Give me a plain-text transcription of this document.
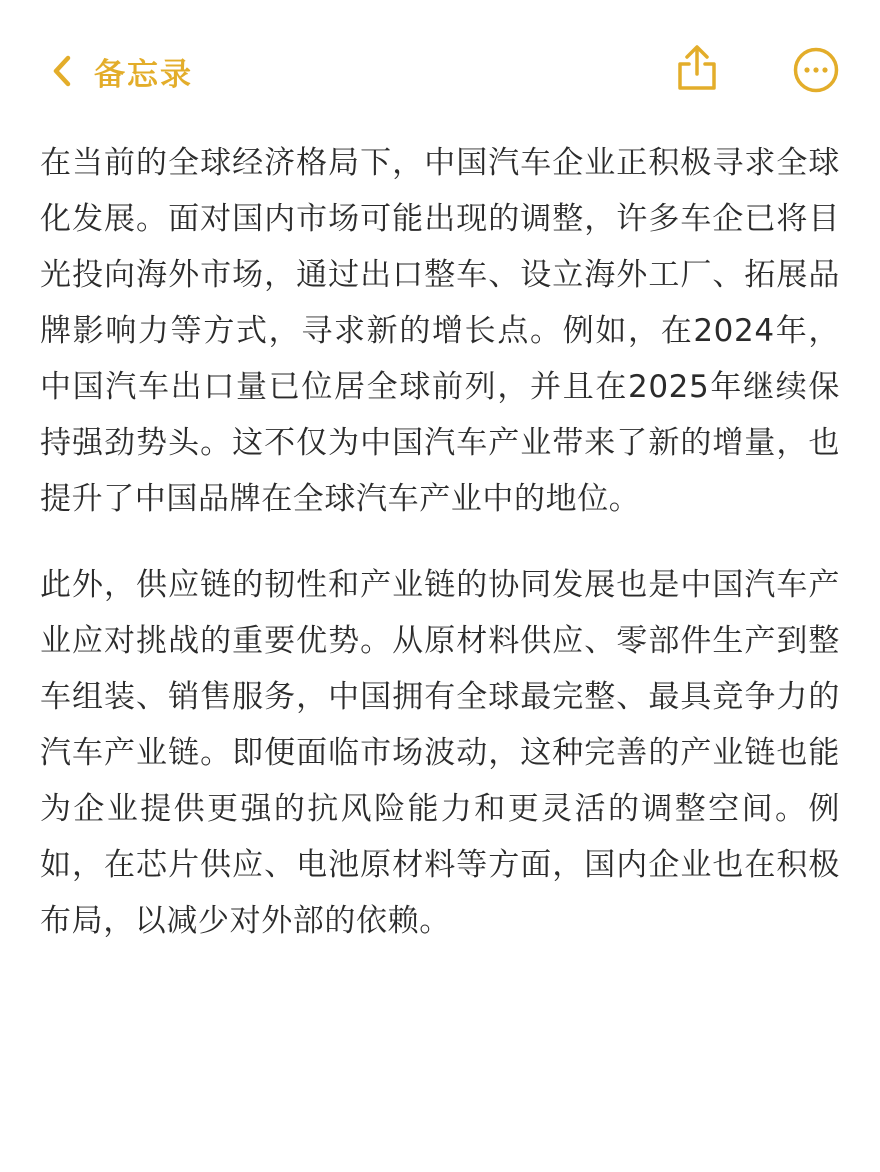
备忘录

在当前的全球经济格局下，中国汽车企业正积极寻求全球化发展。面对国内市场可能出现的调整，许多车企已将目光投向海外市场，通过出口整车、设立海外工厂、拓展品牌影响力等方式，寻求新的增长点。例如，在2024年，中国汽车出口量已位居全球前列，并且在2025年继续保持强劲势头。这不仅为中国汽车产业带来了新的增量，也提升了中国品牌在全球汽车产业中的地位。

此外，供应链的韧性和产业链的协同发展也是中国汽车产业应对挑战的重要优势。从原材料供应、零部件生产到整车组装、销售服务，中国拥有全球最完整、最具竞争力的汽车产业链。即便面临市场波动，这种完善的产业链也能为企业提供更强的抗风险能力和更灵活的调整空间。例如，在芯片供应、电池原材料等方面，国内企业也在积极布局，以减少对外部的依赖。
